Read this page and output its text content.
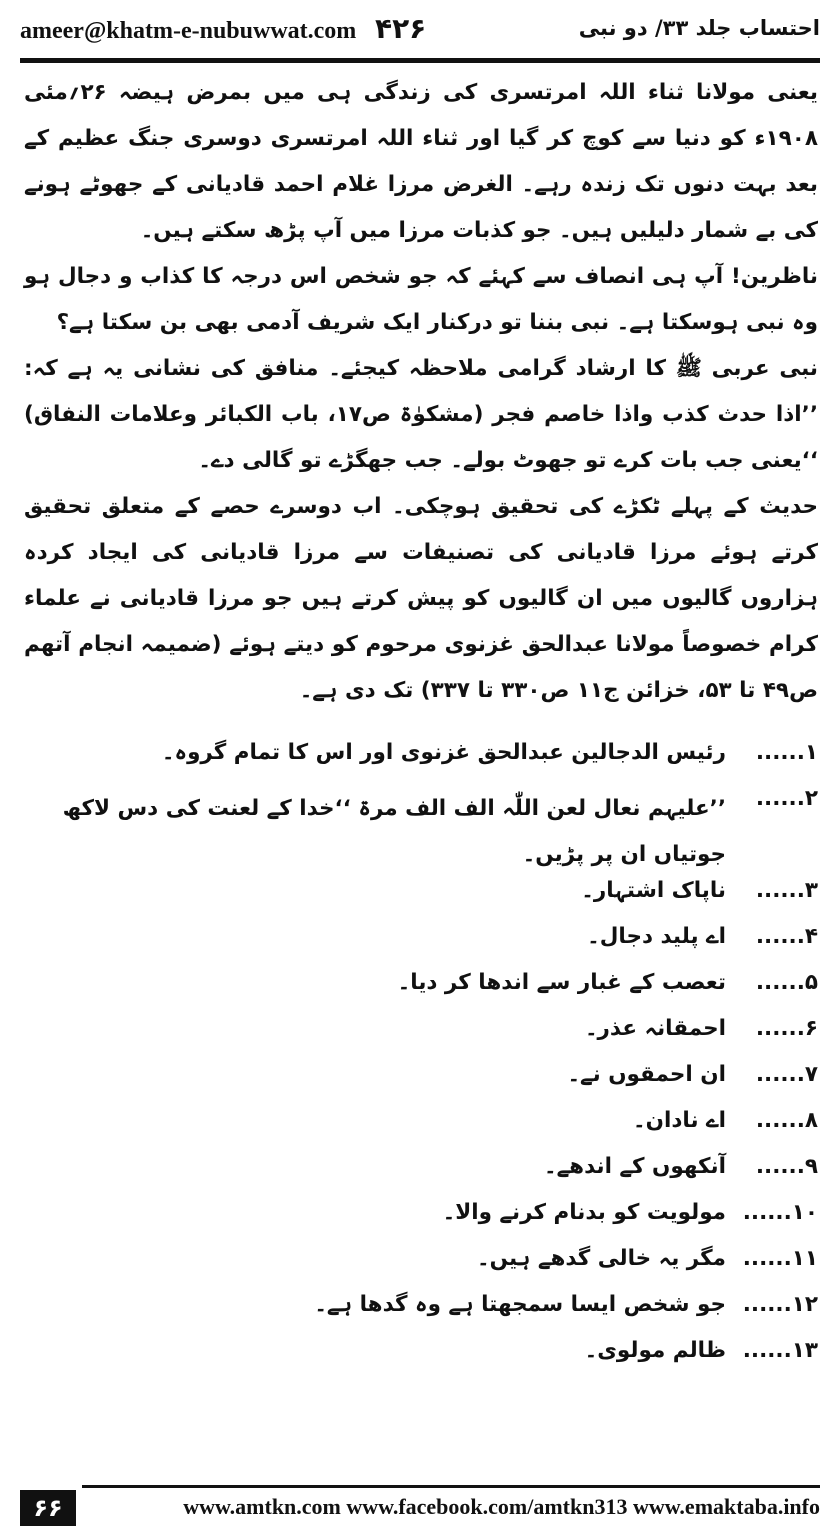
ameer@khatm-e-nubuwwat.com ۴۲۶	احتساب جلد ۳۳/ دو نبی

یعنی مولانا ثناء اللہ امرتسری کی زندگی ہی میں بمرض ہیضہ ۲۶؍مئی ۱۹۰۸ء کو دنیا سے کوچ کر گیا اور ثناء اللہ امرتسری دوسری جنگ عظیم کے بعد بہت دنوں تک زندہ رہے۔ الغرض مرزا غلام احمد قادیانی کے جھوٹے ہونے کی بے شمار دلیلیں ہیں۔ جو کذبات مرزا میں آپ پڑھ سکتے ہیں۔

ناظرین! آپ ہی انصاف سے کہئے کہ جو شخص اس درجہ کا کذاب و دجال ہو وہ نبی ہوسکتا ہے۔ نبی بننا تو درکنار ایک شریف آدمی بھی بن سکتا ہے؟

نبی عربی ﷺ کا ارشاد گرامی ملاحظہ کیجئے۔ منافق کی نشانی یہ ہے کہ: ’’اذا حدث کذب واذا خاصم فجر (مشکوٰۃ ص۱۷، باب الکبائر وعلامات النفاق) ‘‘یعنی جب بات کرے تو جھوٹ بولے۔ جب جھگڑے تو گالی دے۔

حدیث کے پہلے ٹکڑے کی تحقیق ہوچکی۔ اب دوسرے حصے کے متعلق تحقیق کرتے ہوئے مرزا قادیانی کی تصنیفات سے مرزا قادیانی کی ایجاد کردہ ہزاروں گالیوں میں ان گالیوں کو پیش کرتے ہیں جو مرزا قادیانی نے علماء کرام خصوصاً مولانا عبدالحق غزنوی مرحوم کو دیتے ہوئے (ضمیمہ انجام آتھم ص۴۹ تا ۵۳، خزائن ج۱۱ ص۳۳۰ تا ۳۳۷) تک دی ہے۔

۱......
رئیس الدجالین عبدالحق غزنوی اور اس کا تمام گروہ۔
۲......
’’علیہم نعال لعن اللّٰہ الف الف مرۃ ‘‘خدا کے لعنت کی دس لاکھ جوتیاں ان پر پڑیں۔
۳......
ناپاک اشتہار۔
۴......
اے پلید دجال۔
۵......
تعصب کے غبار سے اندھا کر دیا۔
۶......
احمقانہ عذر۔
۷......
ان احمقوں نے۔
۸......
اے نادان۔
۹......
آنکھوں کے اندھے۔
۱۰......
مولویت کو بدنام کرنے والا۔
۱۱......
مگر یہ خالی گدھے ہیں۔
۱۲......
جو شخص ایسا سمجھتا ہے وہ گدھا ہے۔
۱۳......
ظالم مولوی۔
۶۶	www.amtkn.com www.facebook.com/amtkn313 www.emaktaba.info
